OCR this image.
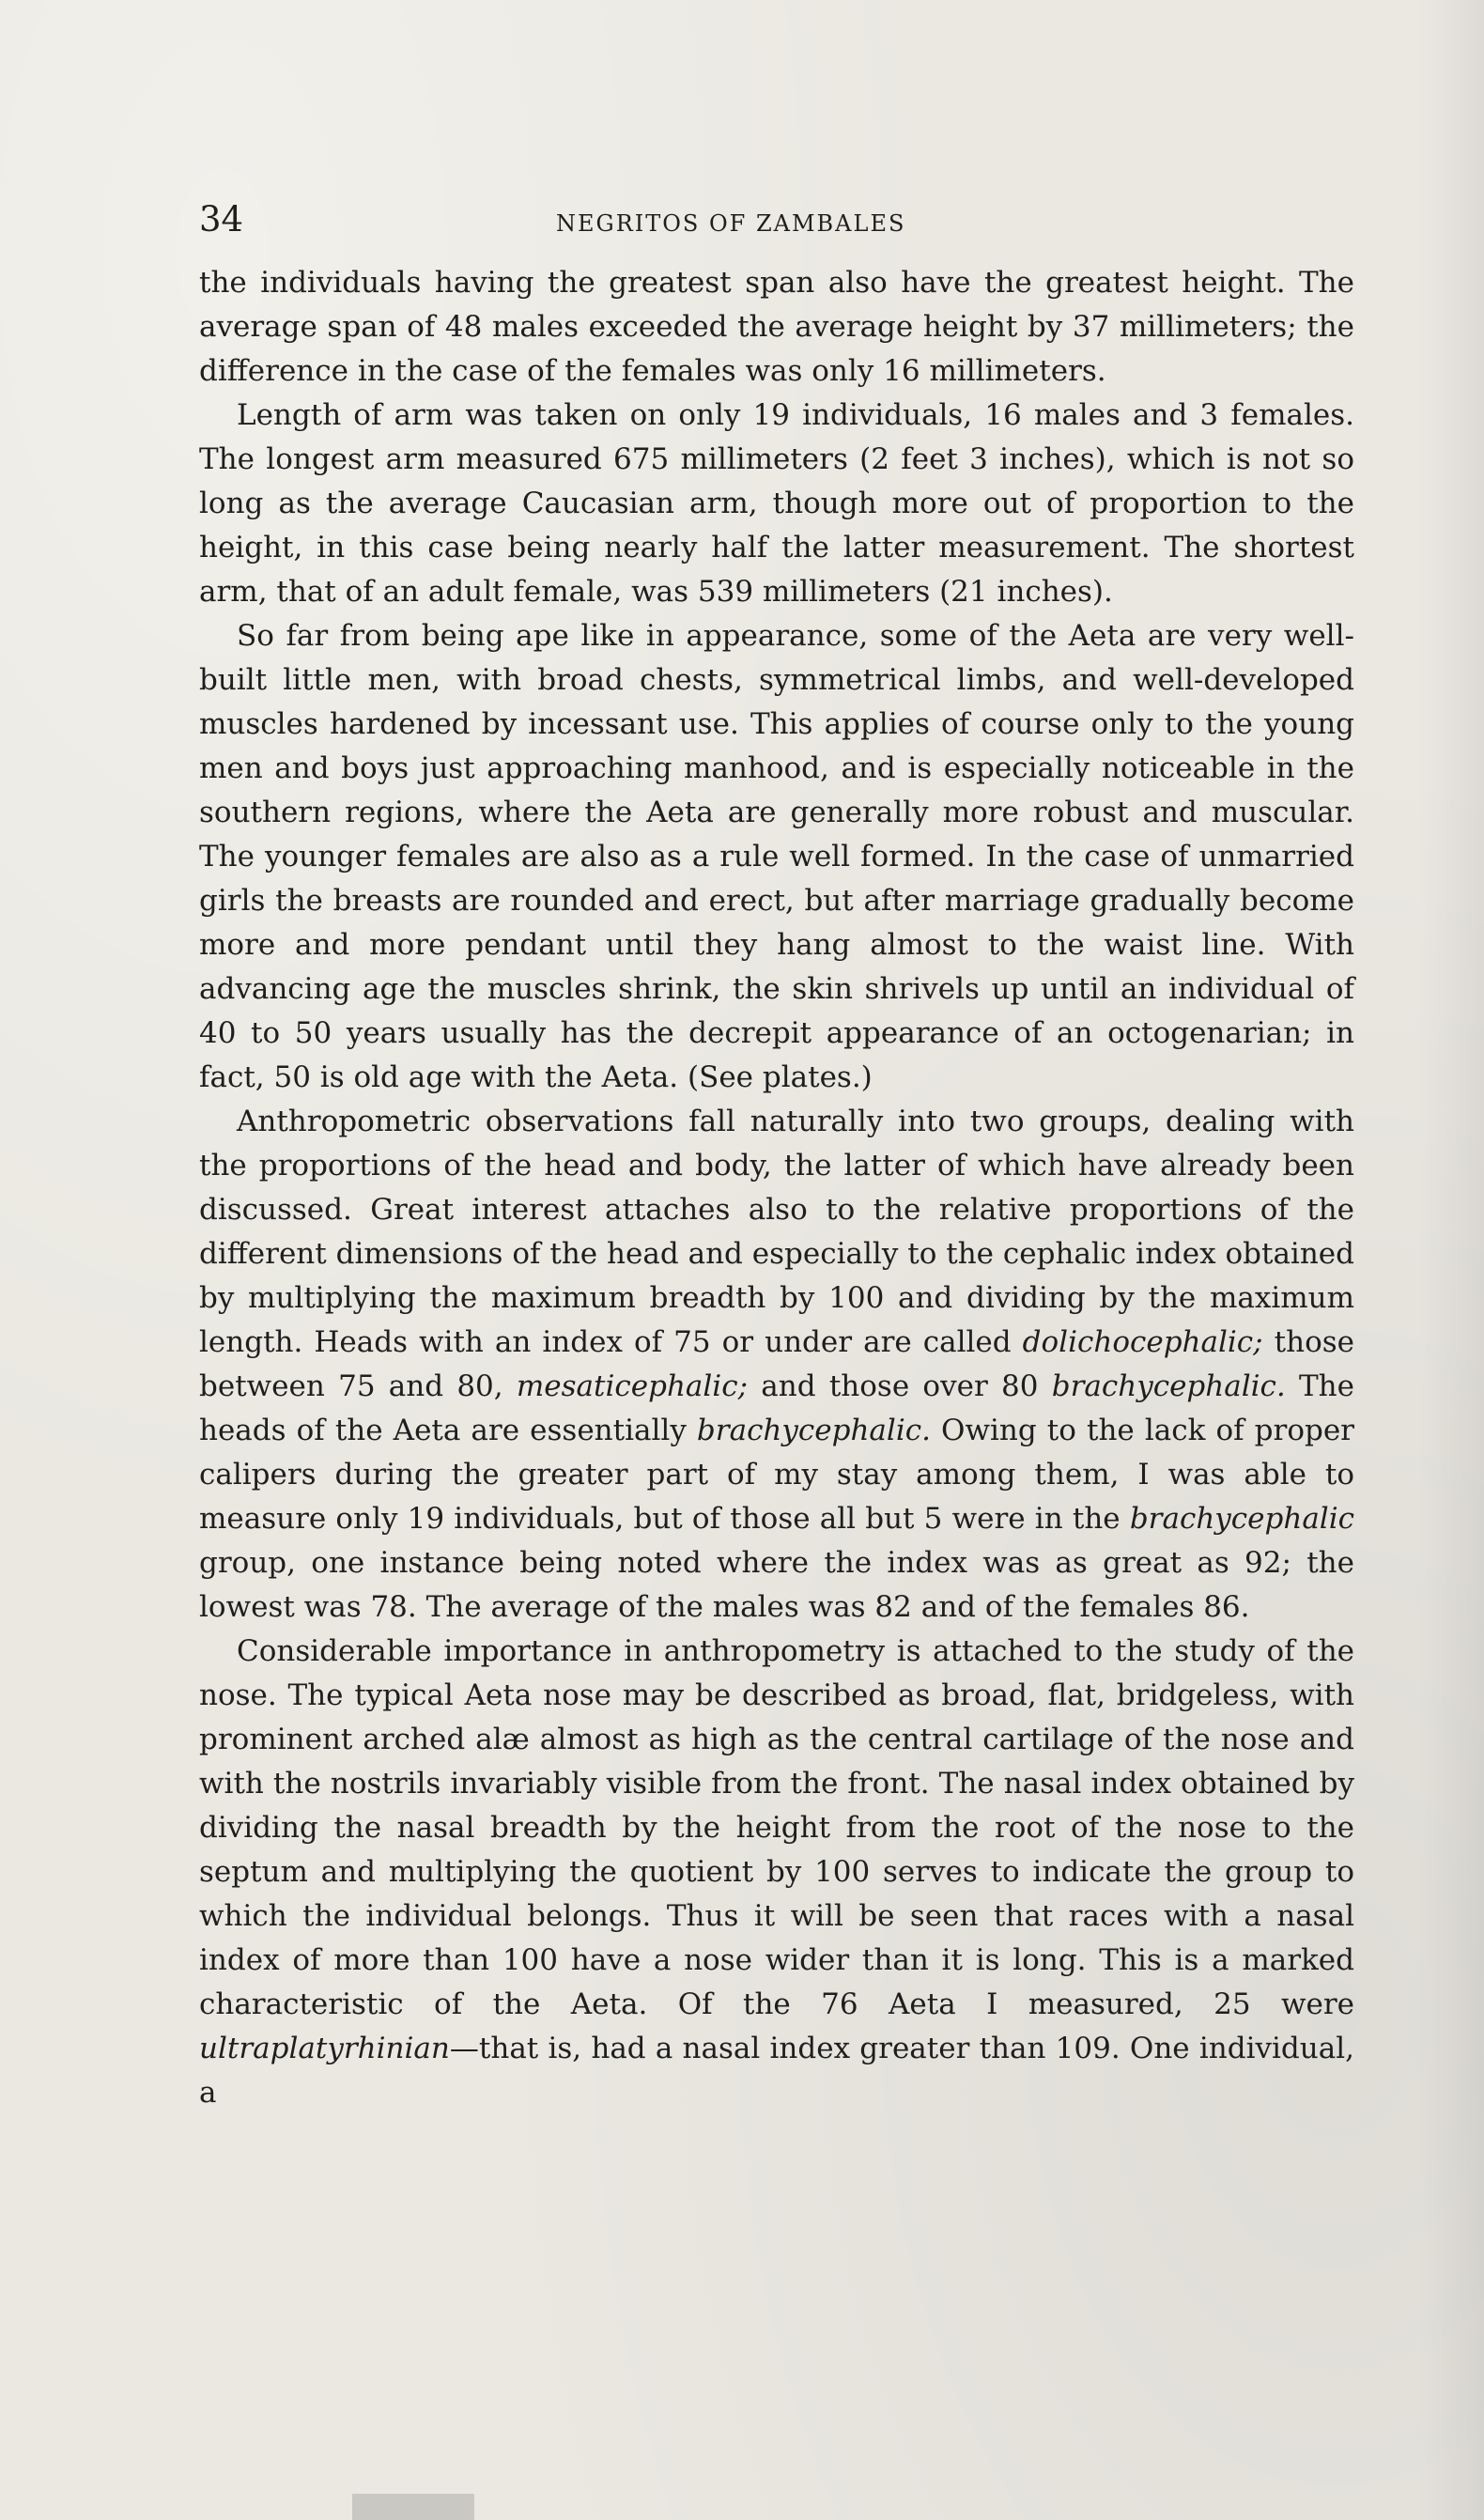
34	NEGRITOS OF ZAMBALES

the individuals having the greatest span also have the greatest height. The average span of 48 males exceeded the average height by 37 millimeters; the difference in the case of the females was only 16 millimeters.

Length of arm was taken on only 19 individuals, 16 males and 3 females. The longest arm measured 675 millimeters (2 feet 3 inches), which is not so long as the average Caucasian arm, though more out of proportion to the height, in this case being nearly half the latter measurement. The shortest arm, that of an adult female, was 539 millimeters (21 inches).

So far from being ape like in appearance, some of the Aeta are very well-built little men, with broad chests, symmetrical limbs, and well-developed muscles hardened by incessant use. This applies of course only to the young men and boys just approaching manhood, and is especially noticeable in the southern regions, where the Aeta are generally more robust and muscular. The younger females are also as a rule well formed. In the case of unmarried girls the breasts are rounded and erect, but after marriage gradually become more and more pendant until they hang almost to the waist line. With advancing age the muscles shrink, the skin shrivels up until an individual of 40 to 50 years usually has the decrepit appearance of an octogenarian; in fact, 50 is old age with the Aeta. (See plates.)

Anthropometric observations fall naturally into two groups, dealing with the proportions of the head and body, the latter of which have already been discussed. Great interest attaches also to the relative proportions of the different dimensions of the head and especially to the cephalic index obtained by multiplying the maximum breadth by 100 and dividing by the maximum length. Heads with an index of 75 or under are called dolichocephalic; those between 75 and 80, mesaticephalic; and those over 80 brachycephalic. The heads of the Aeta are essentially brachycephalic. Owing to the lack of proper calipers during the greater part of my stay among them, I was able to measure only 19 individuals, but of those all but 5 were in the brachycephalic group, one instance being noted where the index was as great as 92; the lowest was 78. The average of the males was 82 and of the females 86.

Considerable importance in anthropometry is attached to the study of the nose. The typical Aeta nose may be described as broad, flat, bridgeless, with prominent arched alæ almost as high as the central cartilage of the nose and with the nostrils invariably visible from the front. The nasal index obtained by dividing the nasal breadth by the height from the root of the nose to the septum and multiplying the quotient by 100 serves to indicate the group to which the individual belongs. Thus it will be seen that races with a nasal index of more than 100 have a nose wider than it is long. This is a marked characteristic of the Aeta. Of the 76 Aeta I measured, 25 were ultraplatyrhinian—that is, had a nasal index greater than 109. One individual, a
